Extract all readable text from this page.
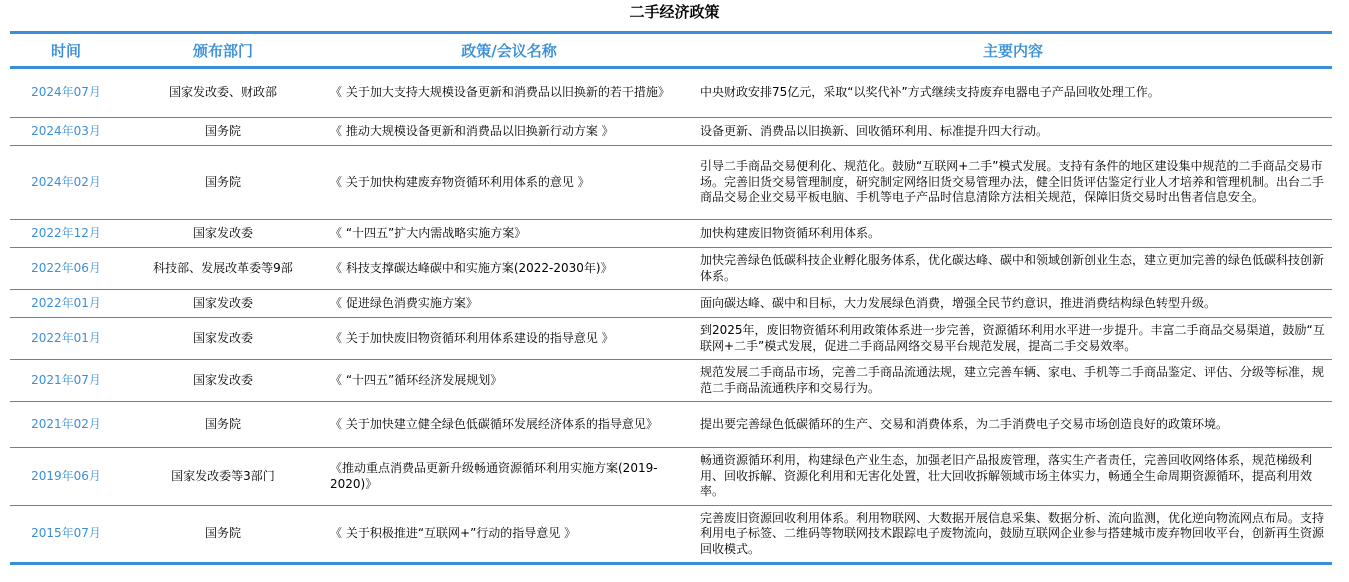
二手经济政策
时间	颁布部门	政策/会议名称	主要内容
2024年07月	国家发改委、财政部	《 关于加大支持大规模设备更新和消费品以旧换新的若干措施》	中央财政安排75亿元，采取“以奖代补”方式继续支持废弃电器电子产品回收处理工作。
2024年03月	国务院	《 推动大规模设备更新和消费品以旧换新行动方案 》	设备更新、消费品以旧换新、回收循环利用、标准提升四大行动。
2024年02月	国务院	《 关于加快构建废弃物资循环利用体系的意见 》	引导二手商品交易便利化、规范化。鼓励“互联网+二手”模式发展。支持有条件的地区建设集中规范的二手商品交易市场。完善旧货交易管理制度，研究制定网络旧货交易管理办法，健全旧货评估鉴定行业人才培养和管理机制。出台二手商品交易企业交易平板电脑、手机等电子产品时信息清除方法相关规范，保障旧货交易时出售者信息安全。
2022年12月	国家发改委	《 “十四五”扩大内需战略实施方案》	加快构建废旧物资循环利用体系。
2022年06月	科技部、发展改革委等9部	《 科技支撑碳达峰碳中和实施方案(2022-2030年)》	加快完善绿色低碳科技企业孵化服务体系，优化碳达峰、碳中和领域创新创业生态，建立更加完善的绿色低碳科技创新体系。
2022年01月	国家发改委	《 促进绿色消费实施方案》	面向碳达峰、碳中和目标，大力发展绿色消费，增强全民节约意识，推进消费结构绿色转型升级。
2022年01月	国家发改委	《 关于加快废旧物资循环利用体系建设的指导意见 》	到2025年，废旧物资循环利用政策体系进一步完善，资源循环利用水平进一步提升。丰富二手商品交易渠道，鼓励“互联网+二手”模式发展，促进二手商品网络交易平台规范发展，提高二手交易效率。
2021年07月	国家发改委	《 “十四五”循环经济发展规划》	规范发展二手商品市场，完善二手商品流通法规，建立完善车辆、家电、手机等二手商品鉴定、评估、分级等标准，规范二手商品流通秩序和交易行为。
2021年02月	国务院	《 关于加快建立健全绿色低碳循环发展经济体系的指导意见》	提出要完善绿色低碳循环的生产、交易和消费体系，为二手消费电子交易市场创造良好的政策环境。
2019年06月	国家发改委等3部门	《推动重点消费品更新升级畅通资源循环利用实施方案(2019-2020)》	畅通资源循环利用，构建绿色产业生态，加强老旧产品报废管理，落实生产者责任，完善回收网络体系，规范梯级利用、回收拆解、资源化利用和无害化处置，壮大回收拆解领域市场主体实力，畅通全生命周期资源循环，提高利用效率。
2015年07月	国务院	《 关于积极推进“互联网+”行动的指导意见 》	完善废旧资源回收利用体系。利用物联网、大数据开展信息采集、数据分析、流向监测，优化逆向物流网点布局。支持利用电子标签、二维码等物联网技术跟踪电子废物流向，鼓励互联网企业参与搭建城市废弃物回收平台，创新再生资源回收模式。
